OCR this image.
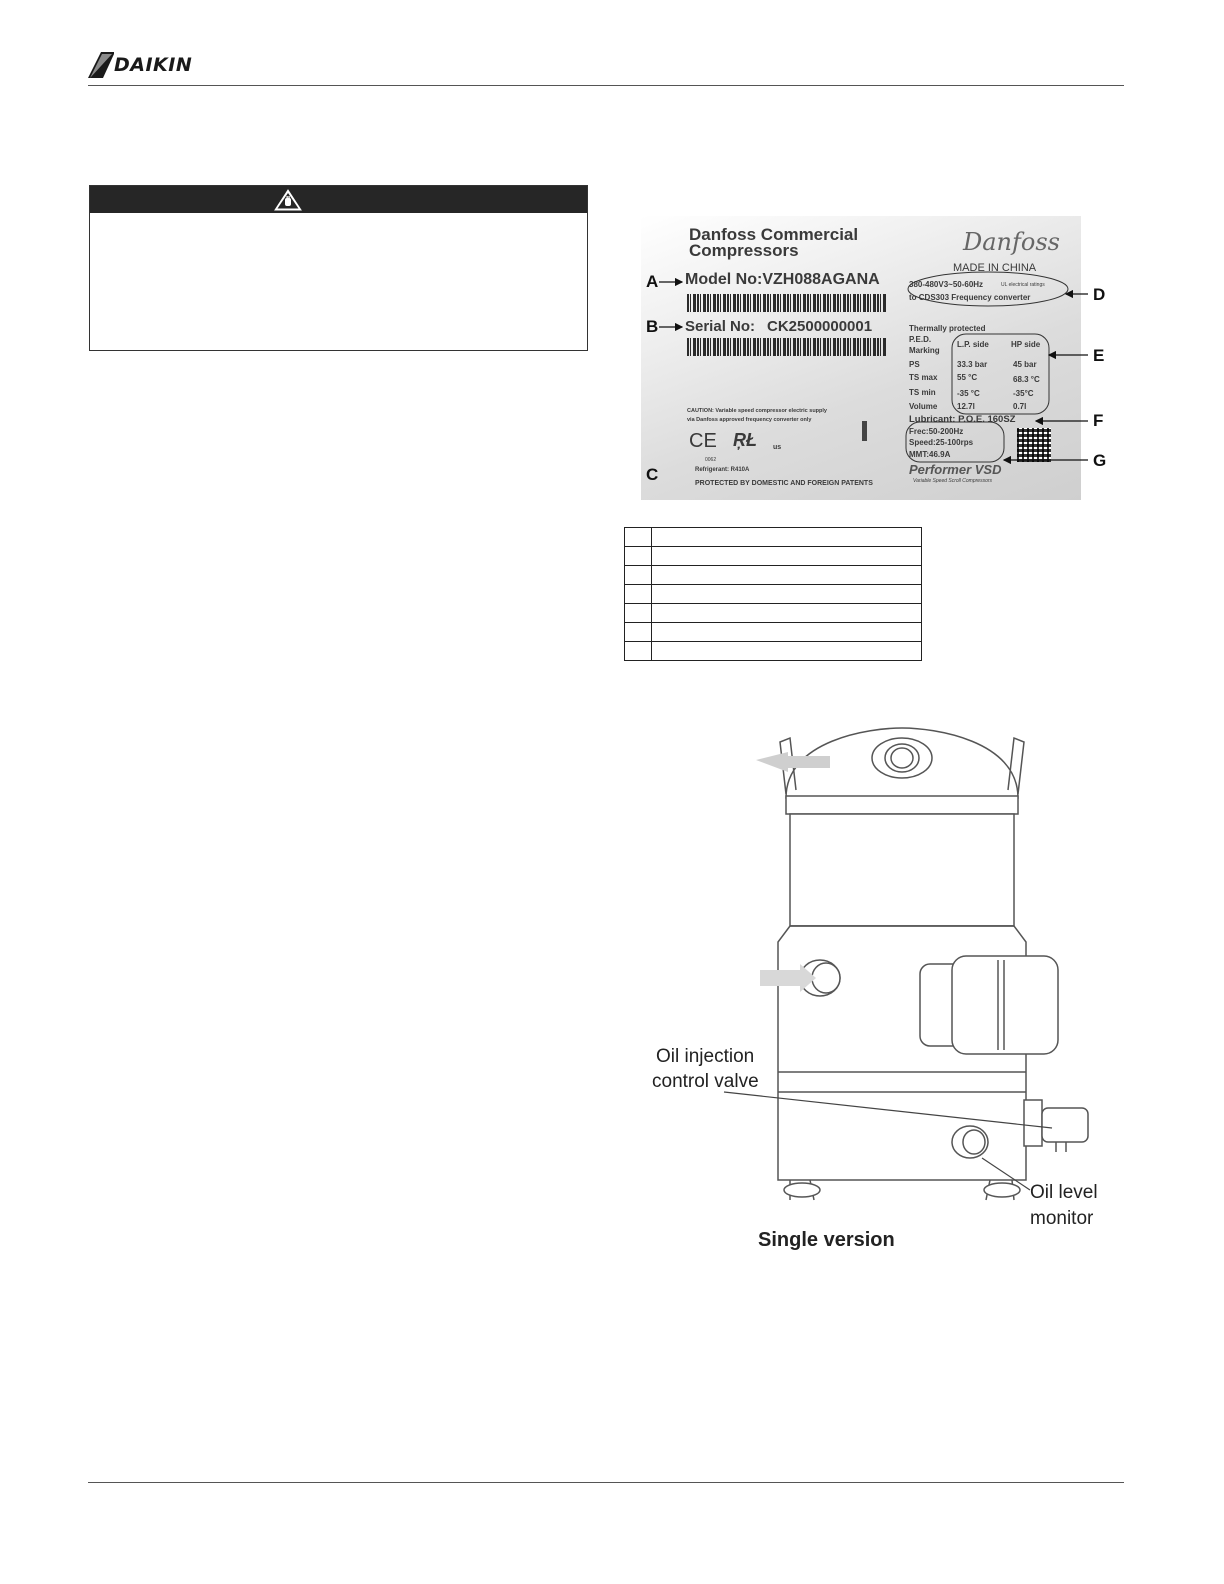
DAIKIN
Danfoss Commercial
Compressors	Danfoss
MADE IN CHINA
Model No:VZH088AGANA
Serial No: CK2500000001
380-480V3~50-60Hz	UL electrical ratings
to CDS303 Frequency converter
Thermally protected
P.E.D.
Marking
L.P. side	HP side
PS	33.3 bar	45 bar
TS max 55 °C	68.3 °C
TS min	-35 °C	-35°C
Volume 12.7l	0.7l
Lubricant: P.O.E. 160SZ
Frec:50-200Hz
Speed:25-100rps
MMT:46.9A
Performer VSD
Variable Speed Scroll Compressors
CAUTION: Variable speed compressor electric supply
via Danfoss approved frequency converter only
CE ŖŁ us
0062
Refrigerant: R410A
PROTECTED BY DOMESTIC AND FOREIGN PATENTS
A
B
C
D
E
F
G

Oil injection
control valve
Oil level
monitor
Single version
